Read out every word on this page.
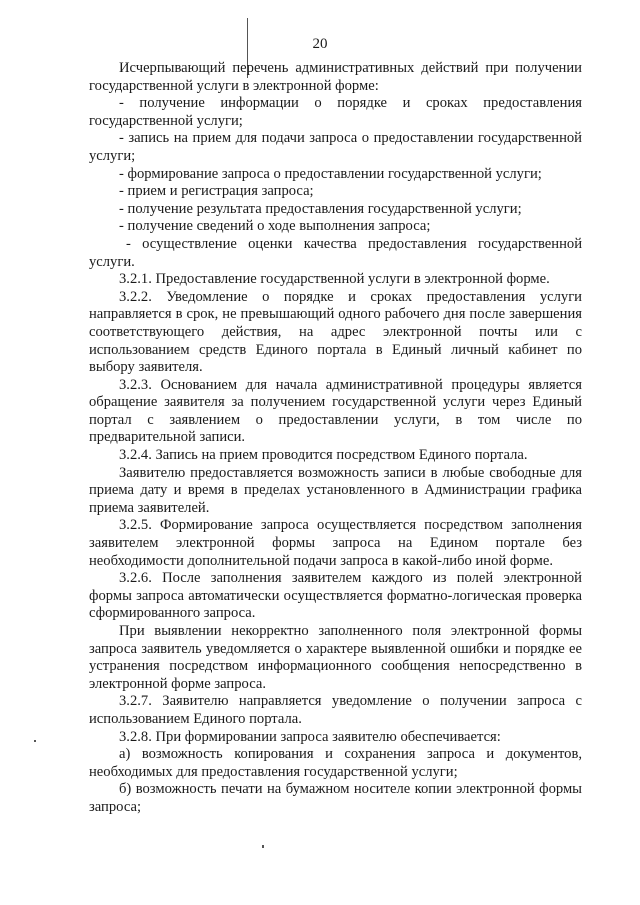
20

Исчерпывающий перечень административных действий при получении государственной услуги в электронной форме:

- получение информации о порядке и сроках предоставления государственной услуги;

- запись на прием для подачи запроса о предоставлении государственной услуги;

- формирование запроса о предоставлении государственной услуги;

- прием и регистрация запроса;

- получение результата предоставления государственной услуги;

- получение сведений о ходе выполнения запроса;

- осуществление оценки качества предоставления государственной услуги.

3.2.1. Предоставление государственной услуги в электронной форме.

3.2.2. Уведомление о порядке и сроках предоставления услуги направляется в срок, не превышающий одного рабочего дня после завершения соответствующего действия, на адрес электронной почты или с использованием средств Единого портала в Единый личный кабинет по выбору заявителя.

3.2.3. Основанием для начала административной процедуры является обращение заявителя за получением государственной услуги через Единый портал с заявлением о предоставлении услуги, в том числе по предварительной записи.

3.2.4. Запись на прием проводится посредством Единого портала.

Заявителю предоставляется возможность записи в любые свободные для приема дату и время в пределах установленного в Администрации графика приема заявителей.

3.2.5. Формирование запроса осуществляется посредством заполнения заявителем электронной формы запроса на Едином портале без необходимости дополнительной подачи запроса в какой-либо иной форме.

3.2.6. После заполнения заявителем каждого из полей электронной формы запроса автоматически осуществляется форматно-логическая проверка сформированного запроса.

При выявлении некорректно заполненного поля электронной формы запроса заявитель уведомляется о характере выявленной ошибки и порядке ее устранения посредством информационного сообщения непосредственно в электронной форме запроса.

3.2.7. Заявителю направляется уведомление о получении запроса с использованием Единого портала.

3.2.8. При формировании запроса заявителю обеспечивается:

а) возможность копирования и сохранения запроса и документов, необходимых для предоставления государственной услуги;

б) возможность печати на бумажном носителе копии электронной формы запроса;
